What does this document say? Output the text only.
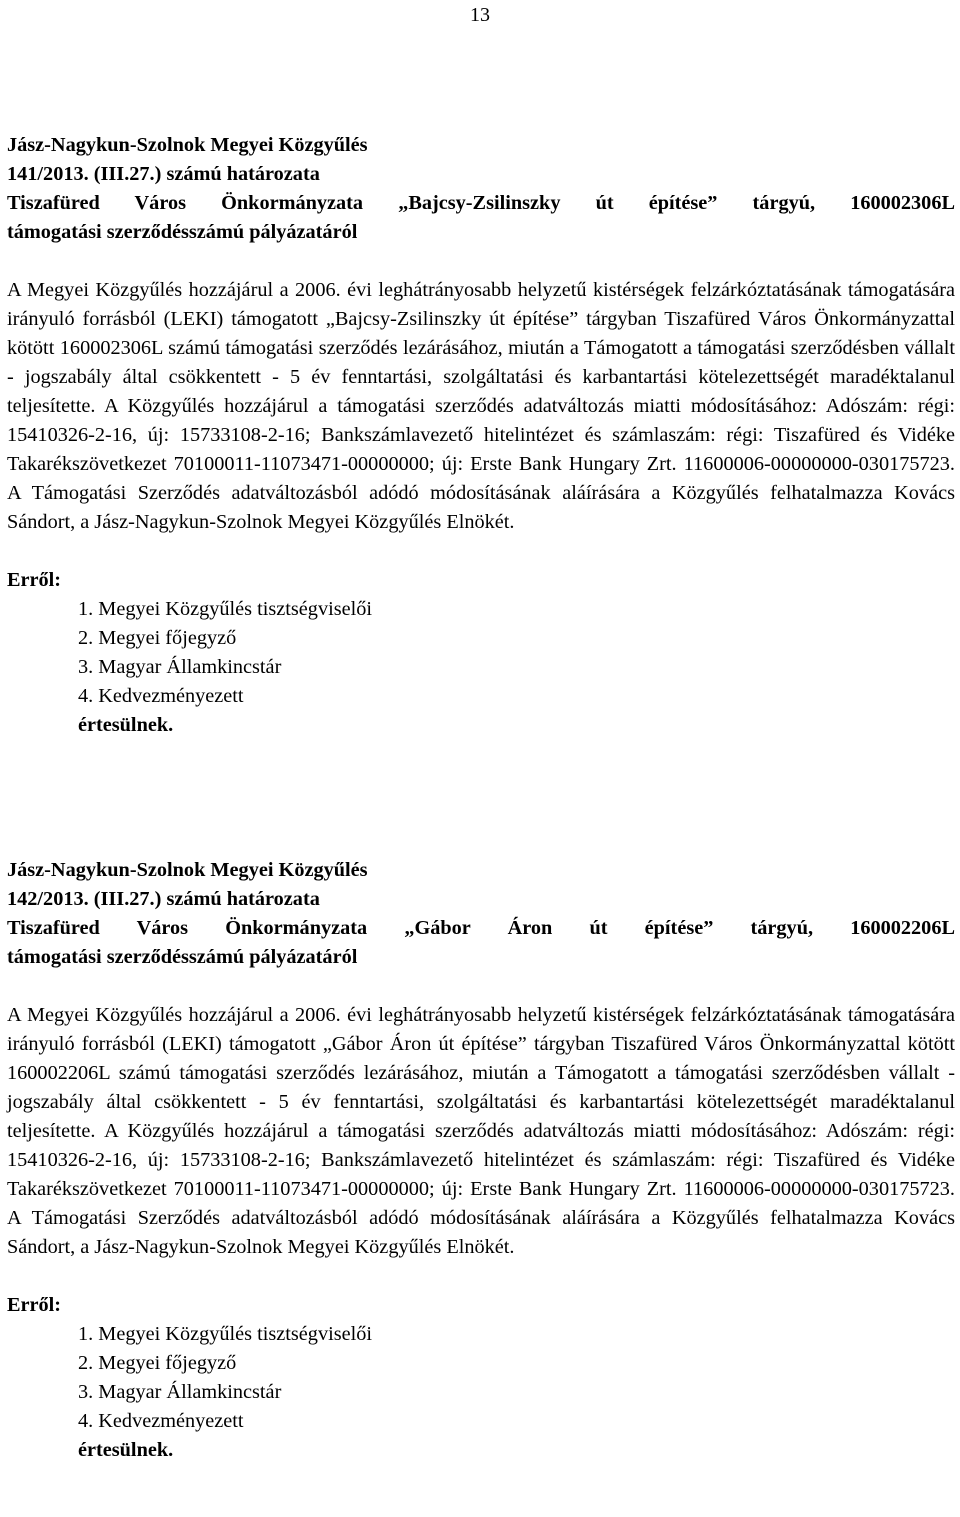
13
Jász-Nagykun-Szolnok Megyei Közgyűlés
141/2013. (III.27.) számú határozata
Tiszafüred Város Önkormányzata „Bajcsy-Zsilinszky út építése” tárgyú, 160002306L
támogatási szerződésszámú pályázatáról

A Megyei Közgyűlés hozzájárul a 2006. évi leghátrányosabb helyzetű kistérségek felzárkóztatásának támogatására irányuló forrásból (LEKI) támogatott „Bajcsy-Zsilinszky út építése” tárgyban Tiszafüred Város Önkormányzattal kötött 160002306L számú támogatási szerződés lezárásához, miután a Támogatott a támogatási szerződésben vállalt - jogszabály által csökkentett - 5 év fenntartási, szolgáltatási és karbantartási kötelezettségét maradéktalanul teljesítette. A Közgyűlés hozzájárul a támogatási szerződés adatváltozás miatti módosításához: Adószám: régi: 15410326-2-16, új: 15733108-2-16; Bankszámlavezető hitelintézet és számlaszám: régi: Tiszafüred és Vidéke Takarékszövetkezet 70100011-11073471-00000000; új: Erste Bank Hungary Zrt. 11600006-00000000-030175723. A Támogatási Szerződés adatváltozásból adódó módosításának aláírására a Közgyűlés felhatalmazza Kovács Sándort, a Jász-Nagykun-Szolnok Megyei Közgyűlés Elnökét.

Erről:
1. Megyei Közgyűlés tisztségviselői
2. Megyei főjegyző
3. Magyar Államkincstár
4. Kedvezményezett
értesülnek.
Jász-Nagykun-Szolnok Megyei Közgyűlés
142/2013. (III.27.) számú határozata
Tiszafüred Város Önkormányzata „Gábor Áron út építése” tárgyú, 160002206L
támogatási szerződésszámú pályázatáról

A Megyei Közgyűlés hozzájárul a 2006. évi leghátrányosabb helyzetű kistérségek felzárkóztatásának támogatására irányuló forrásból (LEKI) támogatott „Gábor Áron út építése” tárgyban Tiszafüred Város Önkormányzattal kötött 160002206L számú támogatási szerződés lezárásához, miután a Támogatott a támogatási szerződésben vállalt - jogszabály által csökkentett - 5 év fenntartási, szolgáltatási és karbantartási kötelezettségét maradéktalanul teljesítette. A Közgyűlés hozzájárul a támogatási szerződés adatváltozás miatti módosításához: Adószám: régi: 15410326-2-16, új: 15733108-2-16; Bankszámlavezető hitelintézet és számlaszám: régi: Tiszafüred és Vidéke Takarékszövetkezet 70100011-11073471-00000000; új: Erste Bank Hungary Zrt. 11600006-00000000-030175723. A Támogatási Szerződés adatváltozásból adódó módosításának aláírására a Közgyűlés felhatalmazza Kovács Sándort, a Jász-Nagykun-Szolnok Megyei Közgyűlés Elnökét.

Erről:
1. Megyei Közgyűlés tisztségviselői
2. Megyei főjegyző
3. Magyar Államkincstár
4. Kedvezményezett
értesülnek.
